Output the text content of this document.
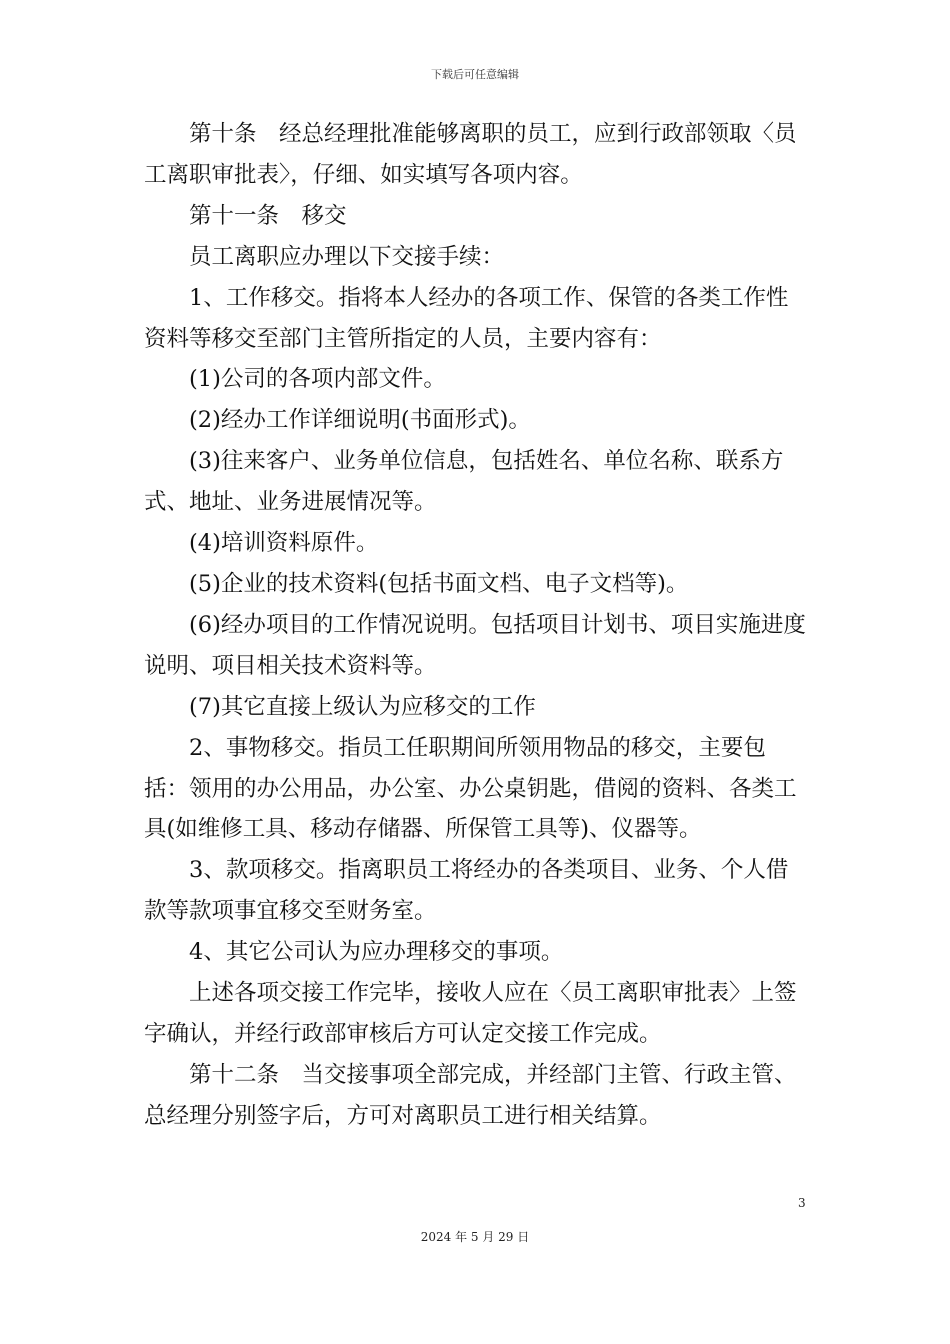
下载后可任意编辑

第十条　经总经理批准能够离职的员工，应到行政部领取〈员工离职审批表〉，仔细、如实填写各项内容。

第十一条　移交

员工离职应办理以下交接手续：

1、工作移交。指将本人经办的各项工作、保管的各类工作性资料等移交至部门主管所指定的人员，主要内容有：

(1)公司的各项内部文件。

(2)经办工作详细说明(书面形式)。

(3)往来客户、业务单位信息，包括姓名、单位名称、联系方式、地址、业务进展情况等。

(4)培训资料原件。

(5)企业的技术资料(包括书面文档、电子文档等)。

(6)经办项目的工作情况说明。包括项目计划书、项目实施进度说明、项目相关技术资料等。

(7)其它直接上级认为应移交的工作

2、事物移交。指员工任职期间所领用物品的移交，主要包括：领用的办公用品，办公室、办公桌钥匙，借阅的资料、各类工具(如维修工具、移动存储器、所保管工具等)、仪器等。

3、款项移交。指离职员工将经办的各类项目、业务、个人借款等款项事宜移交至财务室。

4、其它公司认为应办理移交的事项。

上述各项交接工作完毕，接收人应在〈员工离职审批表〉上签字确认，并经行政部审核后方可认定交接工作完成。

第十二条　当交接事项全部完成，并经部门主管、行政主管、总经理分别签字后，方可对离职员工进行相关结算。

3
2024 年 5 月 29 日
